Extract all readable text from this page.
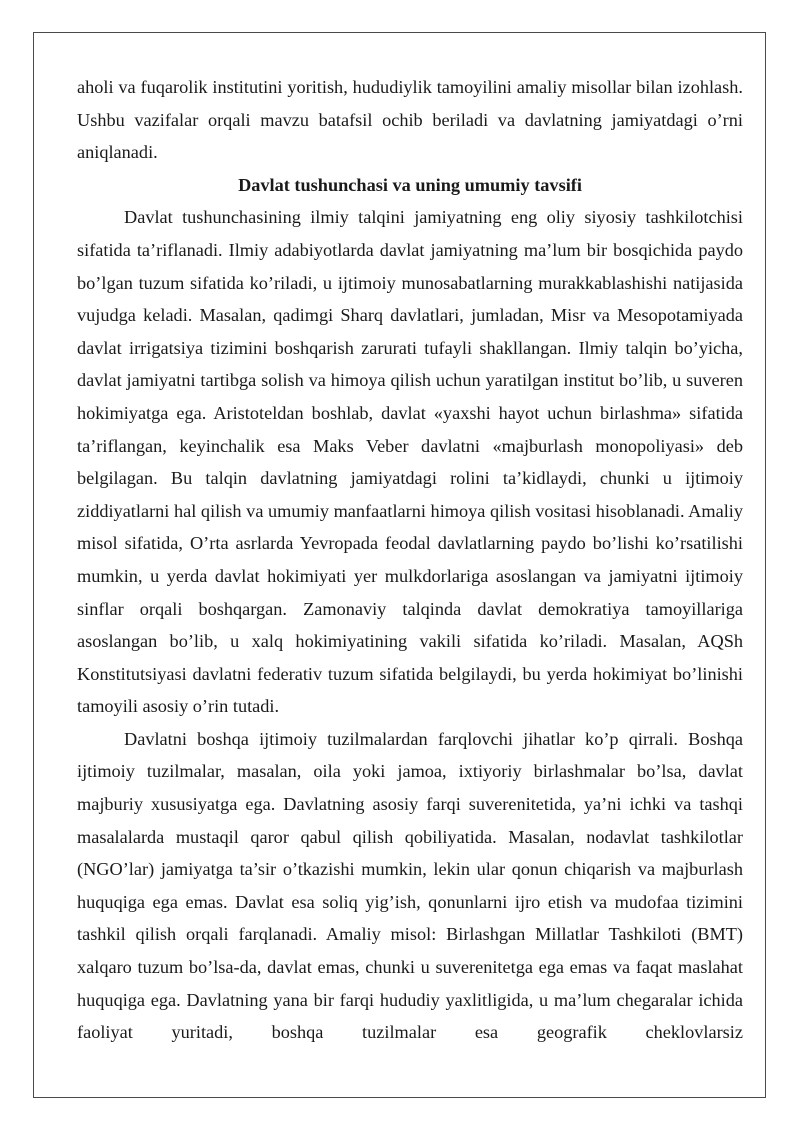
aholi va fuqarolik institutini yoritish, hududiylik tamoyilini amaliy misollar bilan izohlash. Ushbu vazifalar orqali mavzu batafsil ochib beriladi va davlatning jamiyatdagi o’rni aniqlanadi.

Davlat tushunchasi va uning umumiy tavsifi

Davlat tushunchasining ilmiy talqini jamiyatning eng oliy siyosiy tashkilotchisi sifatida ta’riflanadi. Ilmiy adabiyotlarda davlat jamiyatning ma’lum bir bosqichida paydo bo’lgan tuzum sifatida ko’riladi, u ijtimoiy munosabatlarning murakkablashishi natijasida vujudga keladi. Masalan, qadimgi Sharq davlatlari, jumladan, Misr va Mesopotamiyada davlat irrigatsiya tizimini boshqarish zarurati tufayli shakllangan. Ilmiy talqin bo’yicha, davlat jamiyatni tartibga solish va himoya qilish uchun yaratilgan institut bo’lib, u suveren hokimiyatga ega. Aristoteldan boshlab, davlat «yaxshi hayot uchun birlashma» sifatida ta’riflangan, keyinchalik esa Maks Veber davlatni «majburlash monopoliyasi» deb belgilagan. Bu talqin davlatning jamiyatdagi rolini ta’kidlaydi, chunki u ijtimoiy ziddiyatlarni hal qilish va umumiy manfaatlarni himoya qilish vositasi hisoblanadi. Amaliy misol sifatida, O’rta asrlarda Yevropada feodal davlatlarning paydo bo’lishi ko’rsatilishi mumkin, u yerda davlat hokimiyati yer mulkdorlariga asoslangan va jamiyatni ijtimoiy sinflar orqali boshqargan. Zamonaviy talqinda davlat demokratiya tamoyillariga asoslangan bo’lib, u xalq hokimiyatining vakili sifatida ko’riladi. Masalan, AQSh Konstitutsiyasi davlatni federativ tuzum sifatida belgilaydi, bu yerda hokimiyat bo’linishi tamoyili asosiy o’rin tutadi.

Davlatni boshqa ijtimoiy tuzilmalardan farqlovchi jihatlar ko’p qirrali. Boshqa ijtimoiy tuzilmalar, masalan, oila yoki jamoa, ixtiyoriy birlashmalar bo’lsa, davlat majburiy xususiyatga ega. Davlatning asosiy farqi suverenitetida, ya’ni ichki va tashqi masalalarda mustaqil qaror qabul qilish qobiliyatida. Masalan, nodavlat tashkilotlar (NGO’lar) jamiyatga ta’sir o’tkazishi mumkin, lekin ular qonun chiqarish va majburlash huquqiga ega emas. Davlat esa soliq yig’ish, qonunlarni ijro etish va mudofaa tizimini tashkil qilish orqali farqlanadi. Amaliy misol: Birlashgan Millatlar Tashkiloti (BMT) xalqaro tuzum bo’lsa-da, davlat emas, chunki u suverenitetga ega emas va faqat maslahat huquqiga ega. Davlatning yana bir farqi hududiy yaxlitligida, u ma’lum chegaralar ichida faoliyat yuritadi, boshqa tuzilmalar esa geografik cheklovlarsiz
